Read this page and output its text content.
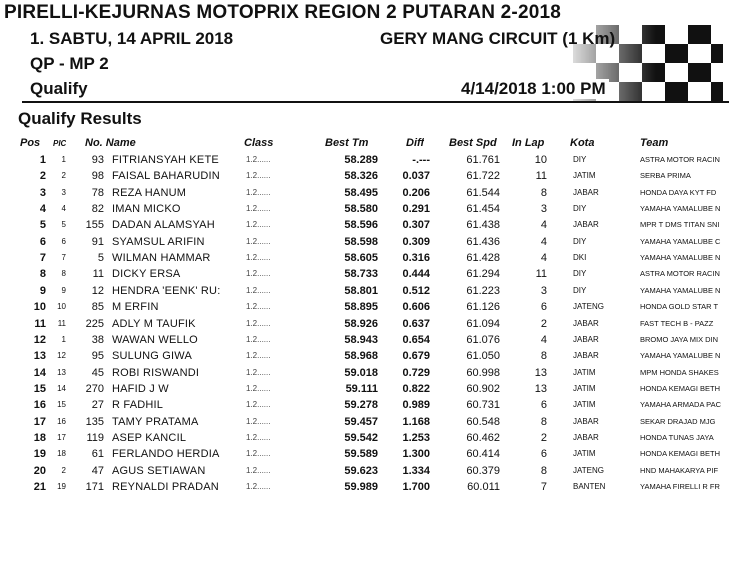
PIRELLI-KEJURNAS MOTOPRIX REGION 2 PUTARAN 2-2018
1. SABTU, 14 APRIL 2018	GERY MANG CIRCUIT (1 Km)
QP - MP 2
Qualify	4/14/2018 1:00 PM
Qualify Results
Pos PIC No. Name	Class	Best Tm	Diff Best Spd In Lap Kota	Team
1	1	93 FITRIANSYAH KETE	1.2......	58.289	-.---	61.761	10	DIY	ASTRA MOTOR RACIN
2	2	98 FAISAL BAHARUDIN	1.2......	58.326	0.037	61.722	11	JATIM	SERBA PRIMA
3	3	78 REZA HANUM	1.2......	58.495	0.206	61.544	8	JABAR	HONDA DAYA KYT FD
4	4	82 IMAN MICKO	1.2......	58.580	0.291	61.454	3	DIY	YAMAHA YAMALUBE N
5	5	155 DADAN ALAMSYAH	1.2......	58.596	0.307	61.438	4	JABAR	MPR T DMS TITAN SNI
6	6	91 SYAMSUL ARIFIN	1.2......	58.598	0.309	61.436	4	DIY	YAMAHA YAMALUBE C
7	7	5 WILMAN HAMMAR	1.2......	58.605	0.316	61.428	4	DKI	YAMAHA YAMALUBE N
8	8	11 DICKY ERSA	1.2......	58.733	0.444	61.294	11	DIY	ASTRA MOTOR RACIN
9	9	12 HENDRA 'EENK' RU:	1.2......	58.801	0.512	61.223	3	DIY	YAMAHA YAMALUBE N
10	10	85 M ERFIN	1.2......	58.895	0.606	61.126	6	JATENG	HONDA GOLD STAR T
11	11	225 ADLY M TAUFIK	1.2......	58.926	0.637	61.094	2	JABAR	FAST TECH B - PAZZ
12	1	38 WAWAN WELLO	1.2......	58.943	0.654	61.076	4	JABAR	BROMO JAYA MIX DIN
13	12	95 SULUNG GIWA	1.2......	58.968	0.679	61.050	8	JABAR	YAMAHA YAMALUBE N
14	13	45 ROBI RISWANDI	1.2......	59.018	0.729	60.998	13	JATIM	MPM HONDA SHAKES
15	14	270 HAFID J W	1.2......	59.111	0.822	60.902	13	JATIM	HONDA KEMAGI BETH
16	15	27 R FADHIL	1.2......	59.278	0.989	60.731	6	JATIM	YAMAHA ARMADA PAC
17	16	135 TAMY PRATAMA	1.2......	59.457	1.168	60.548	8	JABAR	SEKAR DRAJAD MJG
18	17	119 ASEP KANCIL	1.2......	59.542	1.253	60.462	2	JABAR	HONDA TUNAS JAYA
19	18	61 FERLANDO HERDIA	1.2......	59.589	1.300	60.414	6	JATIM	HONDA KEMAGI BETH
20	2	47 AGUS SETIAWAN	1.2......	59.623	1.334	60.379	8	JATENG	HND MAHAKARYA PIF
21	19	171 REYNALDI PRADAN	1.2......	59.989	1.700	60.011	7	BANTEN	YAMAHA FIRELLI R FR
